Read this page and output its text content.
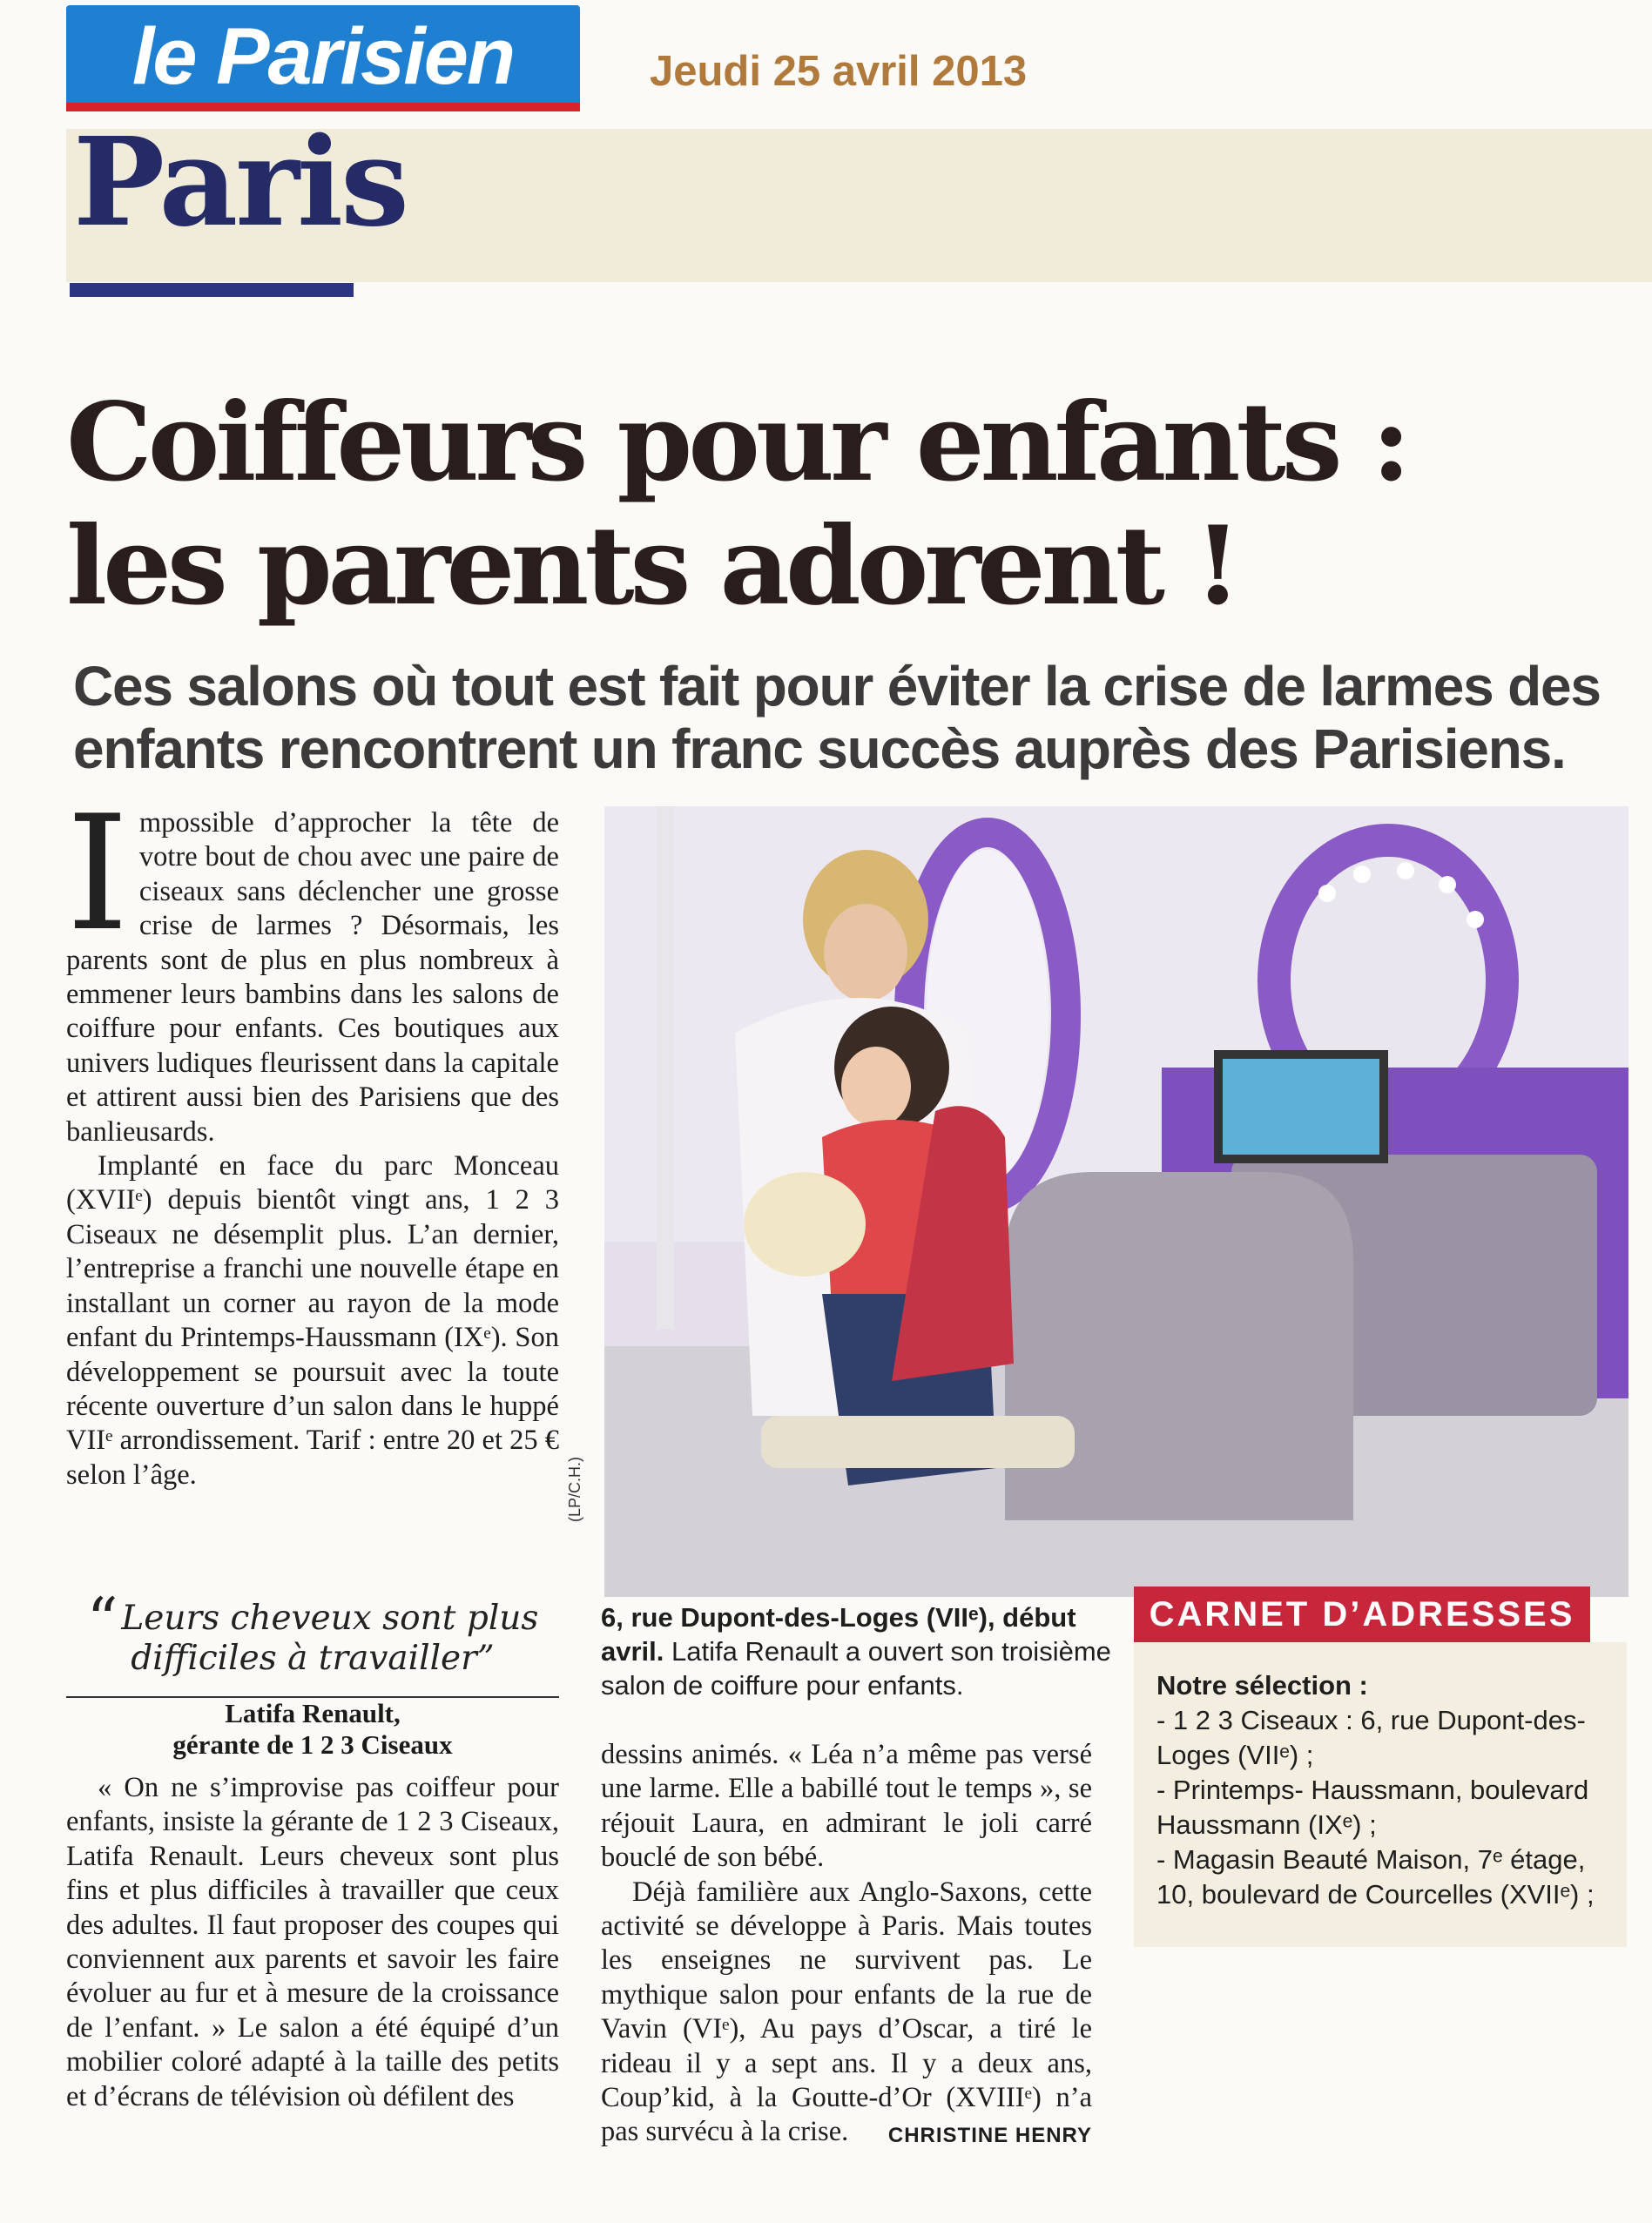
le Parisien	Jeudi 25 avril 2013
Paris
Coiffeurs pour enfants :
les parents adorent !
Ces salons où tout est fait pour éviter la crise de larmes des enfants rencontrent un franc succès auprès des Parisiens.

Impossible d’approcher la tête de votre bout de chou avec une paire de ciseaux sans déclencher une grosse crise de larmes ? Désormais, les parents sont de plus en plus nombreux à emmener leurs bambins dans les salons de coiffure pour enfants. Ces boutiques aux univers ludiques fleurissent dans la capitale et attirent aussi bien des Parisiens que des banlieusards.

Implanté en face du parc Monceau (XVIIᵉ) depuis bientôt vingt ans, 1 2 3 Ciseaux ne désemplit plus. L’an dernier, l’entreprise a franchi une nouvelle étape en installant un corner au rayon de la mode enfant du Printemps-Haussmann (IXᵉ). Son développement se poursuit avec la toute récente ouverture d’un salon dans le huppé VIIᵉ arrondissement. Tarif : entre 20 et 25 € selon l’âge.

“ Leurs cheveux sont plus difficiles à travailler”
Latifa Renault,
gérante de 1 2 3 Ciseaux

« On ne s’improvise pas coiffeur pour enfants, insiste la gérante de 1 2 3 Ciseaux, Latifa Renault. Leurs cheveux sont plus fins et plus difficiles à travailler que ceux des adultes. Il faut proposer des coupes qui conviennent aux parents et savoir les faire évoluer au fur et à mesure de la croissance de l’enfant. » Le salon a été équipé d’un mobilier coloré adapté à la taille des petits et d’écrans de télévision où défilent des

dessins animés. « Léa n’a même pas versé une larme. Elle a babillé tout le temps », se réjouit Laura, en admirant le joli carré bouclé de son bébé.

Déjà familière aux Anglo-Saxons, cette activité se développe à Paris. Mais toutes les enseignes ne survivent pas. Le mythique salon pour enfants de la rue de Vavin (VIᵉ), Au pays d’Oscar, a tiré le rideau il y a sept ans. Il y a deux ans, Coup’kid, à la Goutte-d’Or (XVIIIᵉ) n’a pas survécu à la crise.	CHRISTINE HENRY

(LP/C.H.)
6, rue Dupont-des-Loges (VIIᵉ), début avril. Latifa Renault a ouvert son troisième salon de coiffure pour enfants.
CARNET D’ADRESSES
Notre sélection :
- 1 2 3 Ciseaux : 6, rue Dupont-des-Loges (VIIᵉ) ;
- Printemps- Haussmann, boulevard Haussmann (IXᵉ) ;
- Magasin Beauté Maison, 7ᵉ étage, 10, boulevard de Courcelles (XVIIᵉ) ;
